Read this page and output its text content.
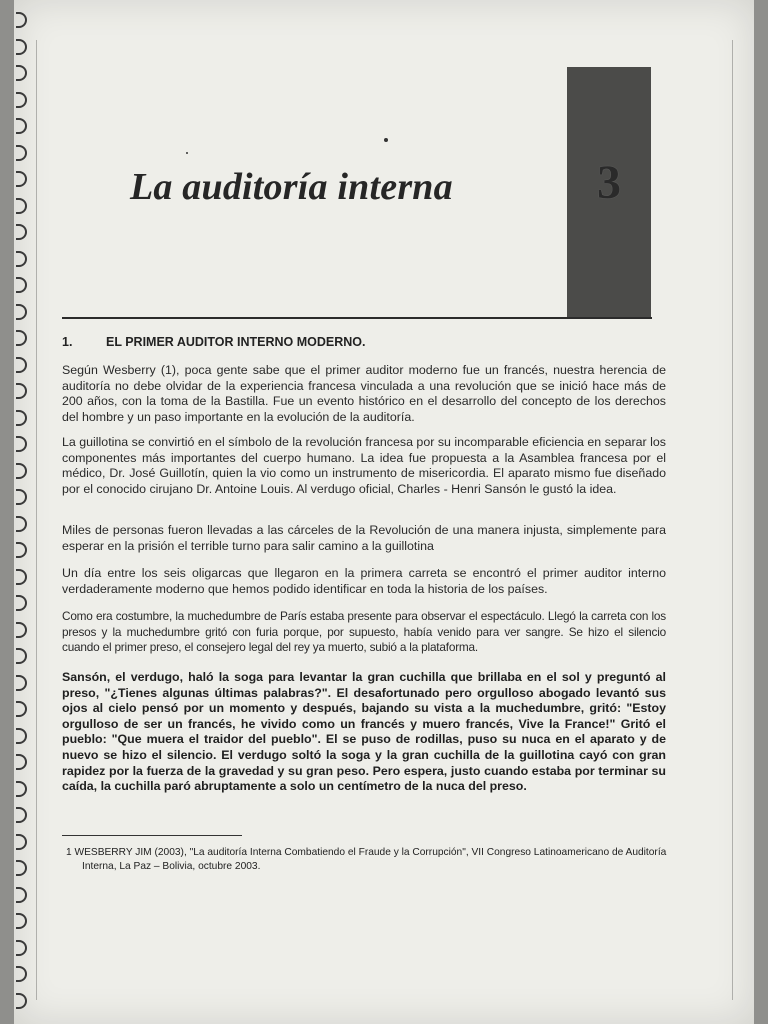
La auditoría interna	3
1.	EL PRIMER AUDITOR INTERNO MODERNO.

Según Wesberry (1), poca gente sabe que el primer auditor moderno fue un francés, nuestra herencia de auditoría no debe olvidar de la experiencia francesa vinculada a una revolución que se inició hace más de 200 años, con la toma de la Bastilla. Fue un evento histórico en el desarrollo del concepto de los derechos del hombre y un paso importante en la evolución de la auditoría.

La guillotina se convirtió en el símbolo de la revolución francesa por su incomparable eficiencia en separar los componentes más importantes del cuerpo humano. La idea fue propuesta a la Asamblea francesa por el médico, Dr. José Guillotín, quien la vio como un instrumento de misericordia. El aparato mismo fue diseñado por el conocido cirujano Dr. Antoine Louis. Al verdugo oficial, Charles - Henri Sansón le gustó la idea.

Miles de personas fueron llevadas a las cárceles de la Revolución de una manera injusta, simplemente para esperar en la prisión el terrible turno para salir camino a la guillotina

Un día entre los seis oligarcas que llegaron en la primera carreta se encontró el primer auditor interno verdaderamente moderno que hemos podido identificar en toda la historia de los países.

Como era costumbre, la muchedumbre de París estaba presente para observar el espectáculo. Llegó la carreta con los presos y la muchedumbre gritó con furia porque, por supuesto, había venido para ver sangre. Se hizo el silencio cuando el primer preso, el consejero legal del rey ya muerto, subió a la plataforma.

Sansón, el verdugo, haló la soga para levantar la gran cuchilla que brillaba en el sol y preguntó al preso, "¿Tienes algunas últimas palabras?". El desafortunado pero orgulloso abogado levantó sus ojos al cielo pensó por un momento y después, bajando su vista a la muchedumbre, gritó: "Estoy orgulloso de ser un francés, he vivido como un francés y muero francés, Vive la France!" Gritó el pueblo: "Que muera el traidor del pueblo". El se puso de rodillas, puso su nuca en el aparato y de nuevo se hizo el silencio. El verdugo soltó la soga y la gran cuchilla de la guillotina cayó con gran rapidez por la fuerza de la gravedad y su gran peso. Pero espera, justo cuando estaba por terminar su caída, la cuchilla paró abruptamente a solo un centímetro de la nuca del preso.

1 WESBERRY JIM (2003), "La auditoría Interna Combatiendo el Fraude y la Corrupción", VII Congreso Latinoamericano de Auditoría Interna, La Paz – Bolivia, octubre 2003.
